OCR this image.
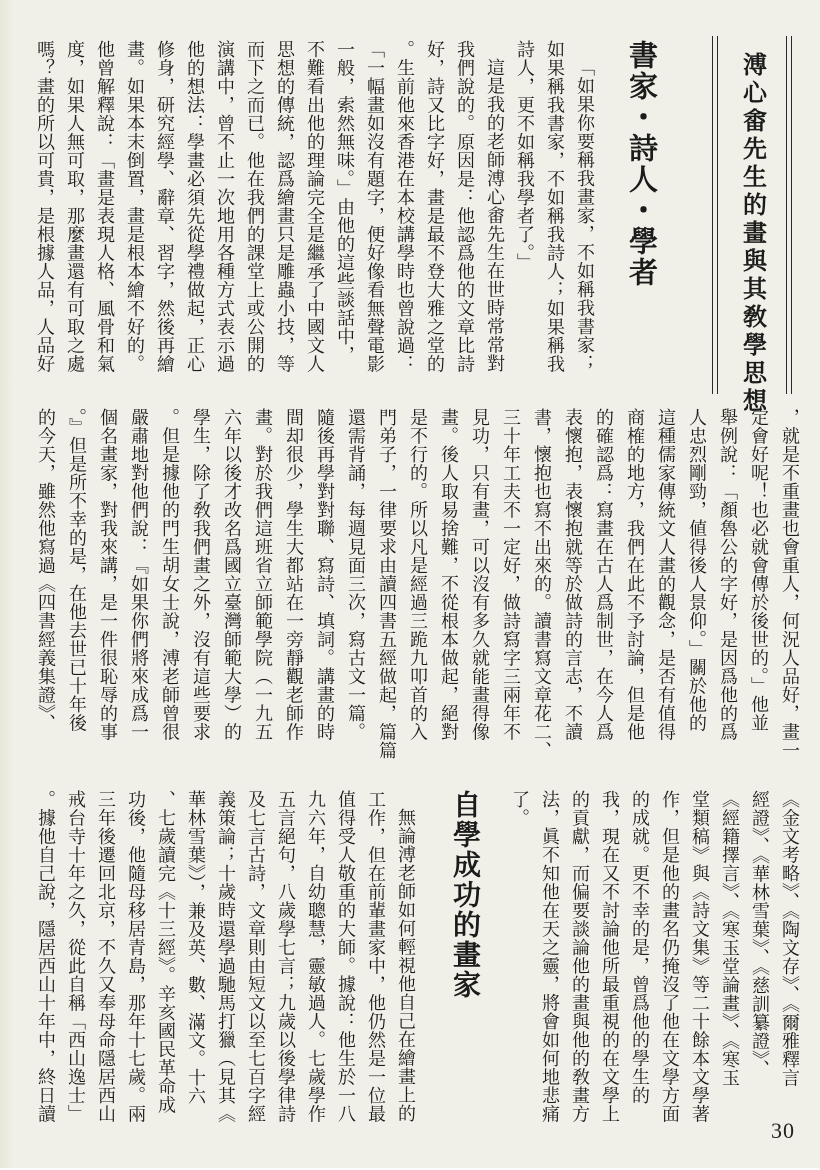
溥心畬先生的畫與其敎學思想
書家・詩人・學者
「如果你要稱我畫家，不如稱我書家；
如果稱我書家，不如稱我詩人；如果稱我
詩人，更不如稱我學者了。」
這是我的老師溥心畬先生在世時常常對
我們說的。原因是：他認爲他的文章比詩
好，詩又比字好，畫是最不登大雅之堂的
。生前他來香港在本校講學時也曾說過：
「一幅畫如沒有題字，便好像看無聲電影
一般，索然無味。」由他的這些談話中，
不難看出他的理論完全是繼承了中國文人
思想的傳統，認爲繪畫只是雕蟲小技，等
而下之而已。他在我們的課堂上或公開的
演講中，曾不止一次地用各種方式表示過
他的想法：學畫必須先從學禮做起，正心
修身，研究經學、辭章、習字，然後再繪
畫。如果本末倒置，畫是根本繪不好的。
他曾解釋說：「畫是表現人格、風骨和氣
度，如果人無可取，那麼畫還有可取之處
嗎？畫的所以可貴，是根據人品，人品好
，就是不重畫也會重人，何況人品好，畫一
定會好呢！也必就會傳於後世的。」他並
舉例說：「顏魯公的字好，是因爲他的爲
人忠烈剛勁，値得後人景仰。」關於他的
這種儒家傳統文人畫的觀念，是否有值得
商榷的地方，我們在此不予討論，但是他
的確認爲：寫畫在古人爲制世，在今人爲
表懷抱，表懷抱就等於做詩的言志，不讀
書，懷抱也寫不出來的。讀書寫文章花二、
三十年工夫不一定好，做詩寫字三兩年不
見功，只有畫，可以沒有多久就能畫得像
畫。後人取易捨難，不從根本做起，絕對
是不行的。所以凡是經過三跪九叩首的入
門弟子，一律要求由讀四書五經做起，篇篇
還需背誦，每週見面三次，寫古文一篇。
隨後再學對對聯、寫詩、填詞。講畫的時
間却很少，學生大都站在一旁靜觀老師作
畫。對於我們這班省立師範學院（一九五
六年以後才改名爲國立臺灣師範大學）的
學生，除了敎我們畫之外，沒有這些要求
。但是據他的門生胡女士說，溥老師曾很
嚴肅地對他們說：『如果你們將來成爲一
個名畫家，對我來講，是一件很恥辱的事
。』但是所不幸的是，在他去世已十年後
的今天，雖然他寫過《四書經義集證》、
《金文考略》、《陶文存》、《爾雅釋言
經證》、《華林雪葉》、《慈訓纂證》、
《經籍擇言》、《寒玉堂論畫》、《寒玉
堂類稿》與《詩文集》等二十餘本文學著
作，但是他的畫名仍掩沒了他在文學方面
的成就。更不幸的是，曾爲他的學生的
我，現在又不討論他所最重視的在文學上
的貢獻，而偏要談論他的畫與他的敎畫方
法，眞不知他在天之靈，將會如何地悲痛
了。
自學成功的畫家
無論溥老師如何輕視他自己在繪畫上的
工作，但在前輩畫家中，他仍然是一位最
值得受人敬重的大師。據說：他生於一八
九六年，自幼聰慧，靈敏過人。七歲學作
五言絕句，八歲學七言；九歲以後學律詩
及七言古詩，文章則由短文以至七百字經
義策論；十歲時還學過馳馬打獵（見其《
華林雪葉》），兼及英、數、滿文。十六
、七歲讀完《十三經》。辛亥國民革命成
功後，他隨母移居青島，那年十七歲。兩
三年後遷回北京，不久又奉母命隱居西山
戒台寺十年之久，從此自稱「西山逸士」
。據他自己說，隱居西山十年中，終日讀
30
